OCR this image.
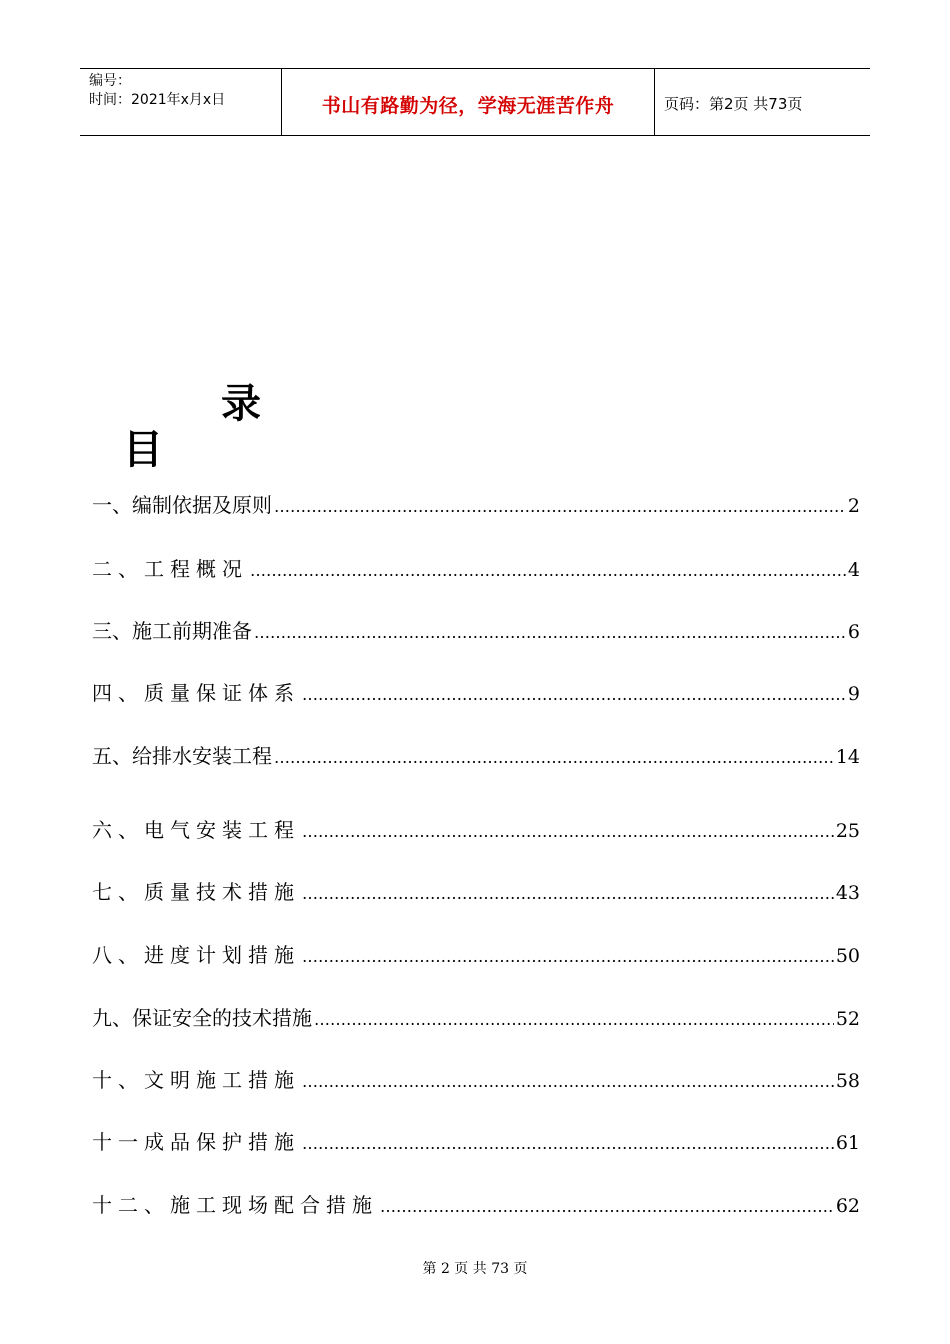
编号：
时间：2021年x月x日	书山有路勤为径，学海无涯苦作舟	页码：第2页 共73页

目

录

一、编制依据及原则 ……………………………………………………………………………………………………………………………………………………	2
二、工程概况 ……………………………………………………………………………………………………………………………………………………	4
三、施工前期准备 ……………………………………………………………………………………………………………………………………………………	6
四、质量保证体系 ……………………………………………………………………………………………………………………………………………………	9
五、给排水安装工程 ……………………………………………………………………………………………………………………………………………………	14
六、电气安装工程 ……………………………………………………………………………………………………………………………………………………	25
七、质量技术措施 ……………………………………………………………………………………………………………………………………………………	43
八、进度计划措施 ……………………………………………………………………………………………………………………………………………………	50
九、保证安全的技术措施 ……………………………………………………………………………………………………………………………………………………	52
十、文明施工措施 ……………………………………………………………………………………………………………………………………………………	58
十一成品保护措施 ……………………………………………………………………………………………………………………………………………………	61
十二、施工现场配合措施 ……………………………………………………………………………………………………………………………………………………	62
第 2 页 共 73 页
